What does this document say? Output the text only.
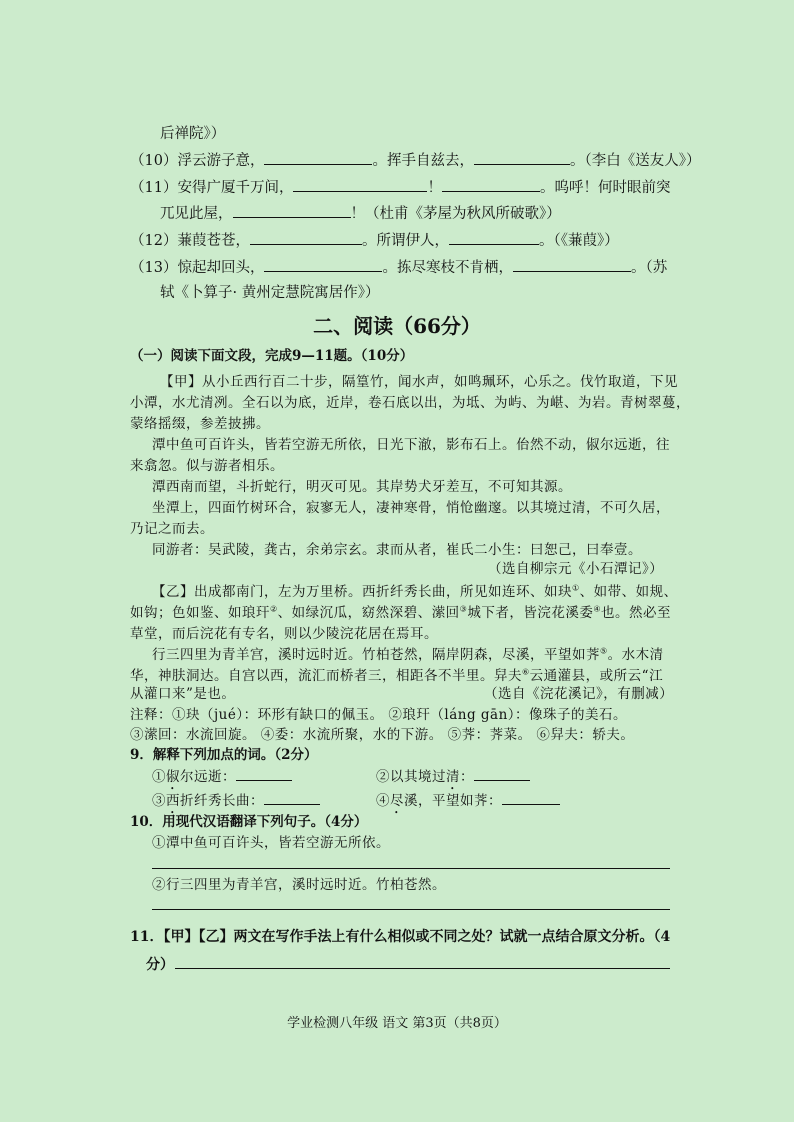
后禅院》）
（10）浮云游子意，	。挥手自兹去，	。（李白《送友人》）
（11）安得广厦千万间，	！	。呜呼！何时眼前突
兀见此屋，	！（杜甫《茅屋为秋风所破歌》）
（12）蒹葭苍苍，	。所谓伊人，	。（《蒹葭》）
（13）惊起却回头，	。拣尽寒枝不肯栖，	。（苏
轼《卜算子· 黄州定慧院寓居作》）
二、阅读（66分）
（一）阅读下面文段，完成9—11题。（10分）
【甲】从小丘西行百二十步，隔篁竹，闻水声，如鸣珮环，心乐之。伐竹取道，下见
小潭，水尤清冽。全石以为底，近岸，卷石底以出，为坻、为屿、为嵁、为岩。青树翠蔓，
蒙络摇缀，参差披拂。
潭中鱼可百许头，皆若空游无所依，日光下澈，影布石上。佁然不动，俶尔远逝，往
来翕忽。似与游者相乐。
潭西南而望，斗折蛇行，明灭可见。其岸势犬牙差互，不可知其源。
坐潭上，四面竹树环合，寂寥无人，凄神寒骨，悄怆幽邃。以其境过清，不可久居，
乃记之而去。
同游者：吴武陵，龚古，余弟宗玄。隶而从者，崔氏二小生：曰恕己，曰奉壹。
（选自柳宗元《小石潭记》）
【乙】出成都南门，左为万里桥。西折纤秀长曲，所见如连环、如玦①、如带、如规、
如钩；色如鉴、如琅玕②、如绿沉瓜，窈然深碧、潆回③城下者，皆浣花溪委④也。然必至
草堂，而后浣花有专名，则以少陵浣花居在焉耳。
行三四里为青羊宫，溪时远时近。竹柏苍然，隔岸阴森，尽溪，平望如荠⑤。水木清
华，神肤洞达。自宫以西，流汇而桥者三，相距各不半里。舁夫⑥云通灌县，或所云“江
从灌口来”是也。	（选自《浣花溪记》，有删减）
注释：①玦（jué）：环形有缺口的佩玉。 ②琅玕（láng gān）：像珠子的美石。
③潆回：水流回旋。 ④委：水流所聚，水的下游。 ⑤荠：荠菜。 ⑥舁夫：轿夫。
9．解释下列加点的词。（2分）
①俶尔远逝：	②以其境过清：
③西折纤秀长曲：	④尽溪，平望如荠：
10．用现代汉语翻译下列句子。（4分）
①潭中鱼可百许头，皆若空游无所依。
②行三四里为青羊宫，溪时远时近。竹柏苍然。
11．【甲】【乙】两文在写作手法上有什么相似或不同之处？试就一点结合原文分析。（4
分）
学业检测八年级 语文 第3页（共8页）
